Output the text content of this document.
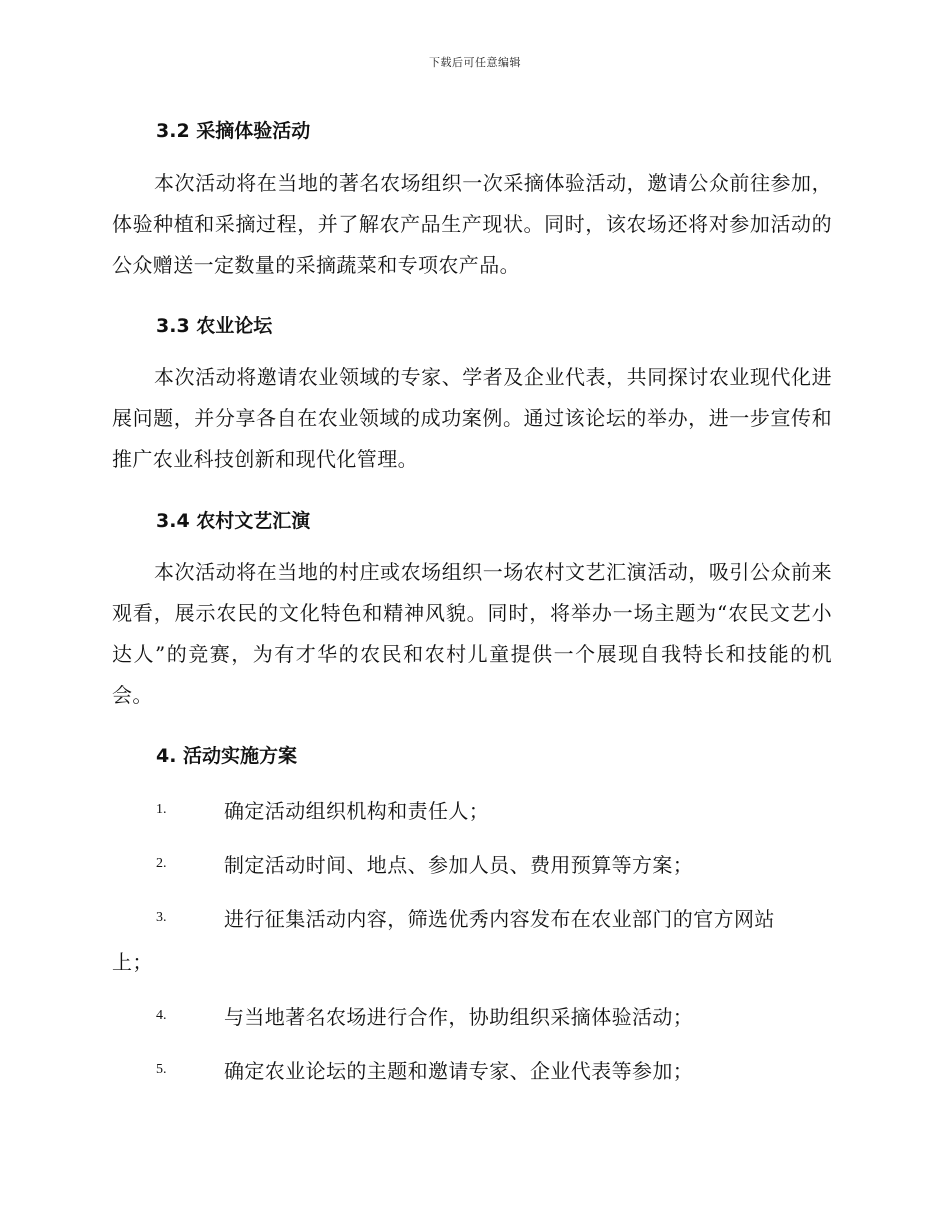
下载后可任意编辑
3.2 采摘体验活动
本次活动将在当地的著名农场组织一次采摘体验活动，邀请公众前往参加，体验种植和采摘过程，并了解农产品生产现状。同时，该农场还将对参加活动的公众赠送一定数量的采摘蔬菜和专项农产品。
3.3 农业论坛
本次活动将邀请农业领域的专家、学者及企业代表，共同探讨农业现代化进展问题，并分享各自在农业领域的成功案例。通过该论坛的举办，进一步宣传和推广农业科技创新和现代化管理。
3.4 农村文艺汇演
本次活动将在当地的村庄或农场组织一场农村文艺汇演活动，吸引公众前来观看，展示农民的文化特色和精神风貌。同时，将举办一场主题为“农民文艺小达人”的竞赛，为有才华的农民和农村儿童提供一个展现自我特长和技能的机会。
4. 活动实施方案
1.	确定活动组织机构和责任人；
2.	制定活动时间、地点、参加人员、费用预算等方案；
3.	进行征集活动内容，筛选优秀内容发布在农业部门的官方网站
上；
4.	与当地著名农场进行合作，协助组织采摘体验活动；
5.	确定农业论坛的主题和邀请专家、企业代表等参加；
